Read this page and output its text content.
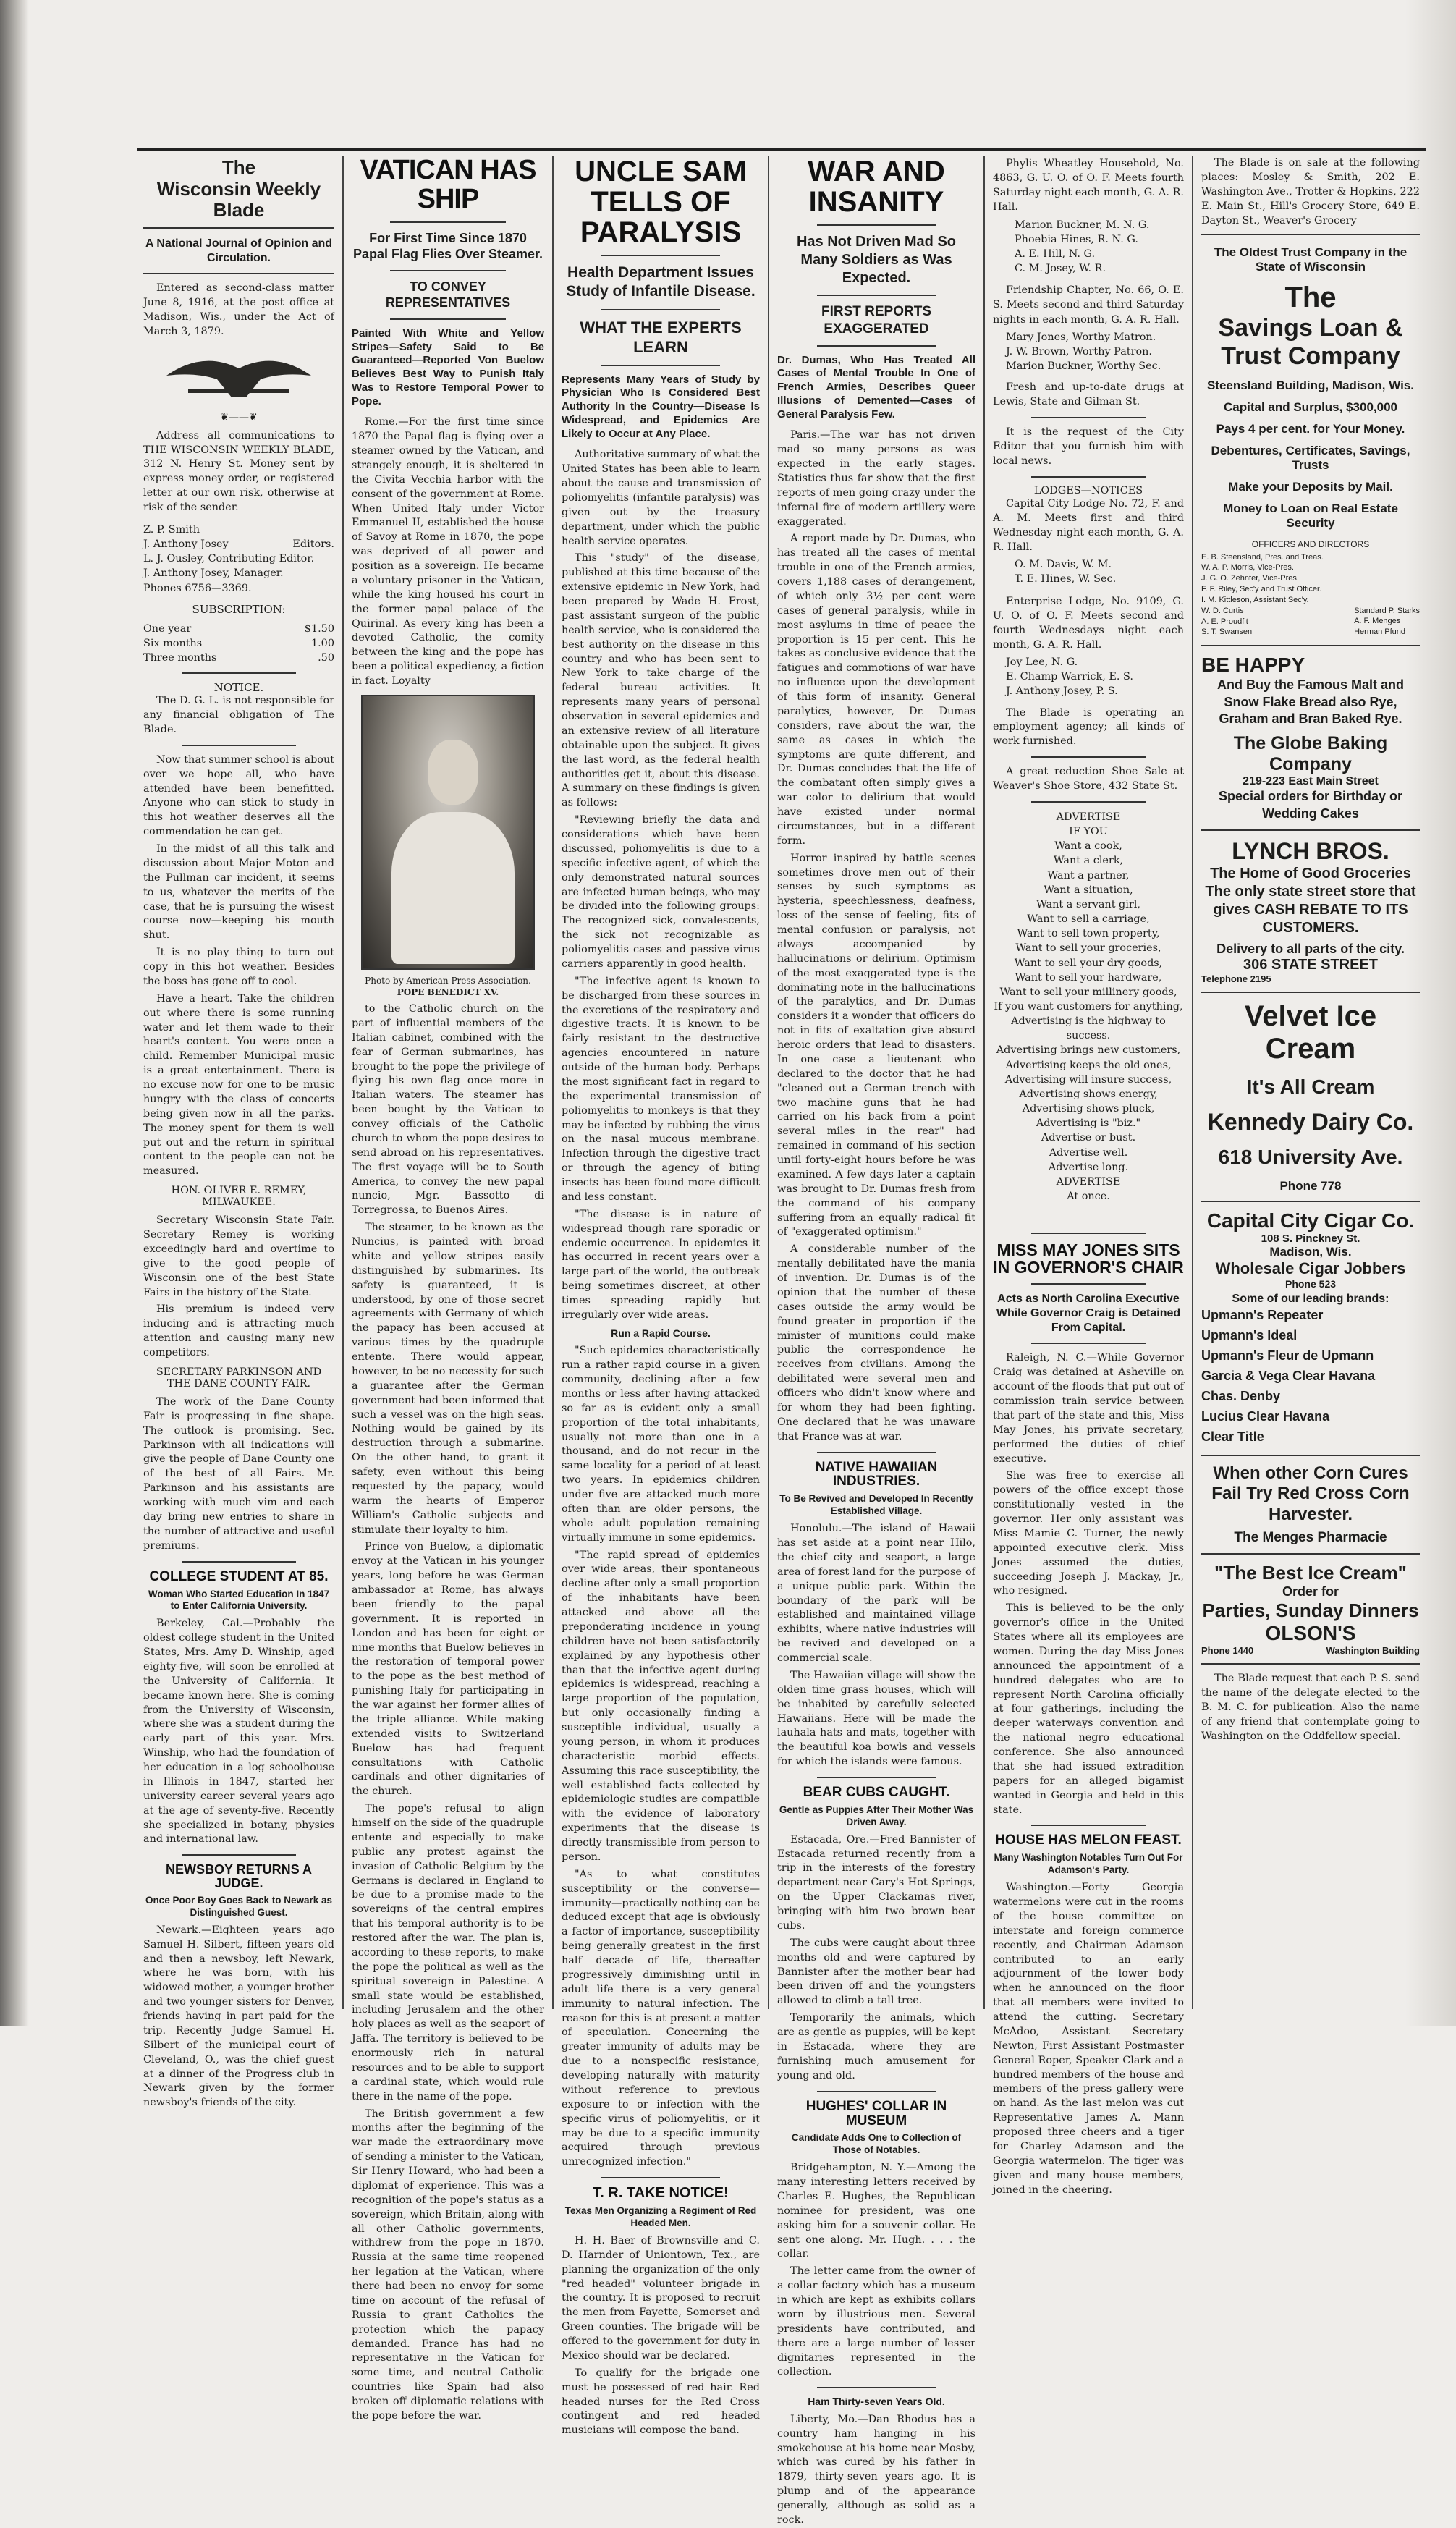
The
Wisconsin Weekly Blade
A National Journal of Opinion and Circulation.
Entered as second-class matter June 8, 1916, at the post office at Madison, Wis., under the Act of March 3, 1879.
❦——❦
Address all communications to THE WISCONSIN WEEKLY BLADE, 312 N. Henry St. Money sent by express money order, or registered letter at our own risk, otherwise at risk of the sender.
Z. P. Smith
J. Anthony Josey	Editors.
L. J. Ousley, Contributing Editor.
J. Anthony Josey, Manager.
Phones 6756—3369.
SUBSCRIPTION:
One year	$1.50
Six months	1.00
Three months	.50
NOTICE.
The D. G. L. is not responsible for any financial obligation of The Blade.
Now that summer school is about over we hope all, who have attended have been benefitted. Anyone who can stick to study in this hot weather deserves all the commendation he can get.
In the midst of all this talk and discussion about Major Moton and the Pullman car incident, it seems to us, whatever the merits of the case, that he is pursuing the wisest course now—keeping his mouth shut.
It is no play thing to turn out copy in this hot weather. Besides the boss has gone off to cool.
Have a heart. Take the children out where there is some running water and let them wade to their heart's content. You were once a child. Remember Municipal music is a great entertainment. There is no excuse now for one to be music hungry with the class of concerts being given now in all the parks. The money spent for them is well put out and the return in spiritual content to the people can not be measured.
HON. OLIVER E. REMEY, MILWAUKEE.
Secretary Wisconsin State Fair. Secretary Remey is working exceedingly hard and overtime to give to the good people of Wisconsin one of the best State Fairs in the history of the State.
His premium is indeed very inducing and is attracting much attention and causing many new competitors.
SECRETARY PARKINSON AND THE DANE COUNTY FAIR.
The work of the Dane County Fair is progressing in fine shape. The outlook is promising. Sec. Parkinson with all indications will give the people of Dane County one of the best of all Fairs. Mr. Parkinson and his assistants are working with much vim and each day bring new entries to share in the number of attractive and useful premiums.
COLLEGE STUDENT AT 85.
Woman Who Started Education In 1847 to Enter California University.
Berkeley, Cal.—Probably the oldest college student in the United States, Mrs. Amy D. Winship, aged eighty-five, will soon be enrolled at the University of California. It became known here. She is coming from the University of Wisconsin, where she was a student during the early part of this year. Mrs. Winship, who had the foundation of her education in a log schoolhouse in Illinois in 1847, started her university career several years ago at the age of seventy-five. Recently she specialized in botany, physics and international law.
NEWSBOY RETURNS A JUDGE.
Once Poor Boy Goes Back to Newark as Distinguished Guest.
Newark.—Eighteen years ago Samuel H. Silbert, fifteen years old and then a newsboy, left Newark, where he was born, with his widowed mother, a younger brother and two younger sisters for Denver, friends having in part paid for the trip. Recently Judge Samuel H. Silbert of the municipal court of Cleveland, O., was the chief guest at a dinner of the Progress club in Newark given by the former newsboy's friends of the city.
VATICAN HAS SHIP
For First Time Since 1870 Papal Flag Flies Over Steamer.
TO CONVEY REPRESENTATIVES
Painted With White and Yellow Stripes—Safety Said to Be Guaranteed—Reported Von Buelow Believes Best Way to Punish Italy Was to Restore Temporal Power to Pope.
Rome.—For the first time since 1870 the Papal flag is flying over a steamer owned by the Vatican, and strangely enough, it is sheltered in the Civita Vecchia harbor with the consent of the government at Rome. When United Italy under Victor Emmanuel II, established the house of Savoy at Rome in 1870, the pope was deprived of all power and position as a sovereign. He became a voluntary prisoner in the Vatican, while the king housed his court in the former papal palace of the Quirinal. As every king has been a devoted Catholic, the comity between the king and the pope has been a political expediency, a fiction in fact. Loyalty
Photo by American Press Association.
POPE BENEDICT XV.
to the Catholic church on the part of influential members of the Italian cabinet, combined with the fear of German submarines, has brought to the pope the privilege of flying his own flag once more in Italian waters. The steamer has been bought by the Vatican to convey officials of the Catholic church to whom the pope desires to send abroad on his representatives. The first voyage will be to South America, to convey the new papal nuncio, Mgr. Bassotto di Torregrossa, to Buenos Aires.
The steamer, to be known as the Nuncius, is painted with broad white and yellow stripes easily distinguished by submarines. Its safety is guaranteed, it is understood, by one of those secret agreements with Germany of which the papacy has been accused at various times by the quadruple entente. There would appear, however, to be no necessity for such a guarantee after the German government had been informed that such a vessel was on the high seas. Nothing would be gained by its destruction through a submarine. On the other hand, to grant it safety, even without this being requested by the papacy, would warm the hearts of Emperor William's Catholic subjects and stimulate their loyalty to him.
Prince von Buelow, a diplomatic envoy at the Vatican in his younger years, long before he was German ambassador at Rome, has always been friendly to the papal government. It is reported in London and has been for eight or nine months that Buelow believes in the restoration of temporal power to the pope as the best method of punishing Italy for participating in the war against her former allies of the triple alliance. While making extended visits to Switzerland Buelow has had frequent consultations with Catholic cardinals and other dignitaries of the church.
The pope's refusal to align himself on the side of the quadruple entente and especially to make public any protest against the invasion of Catholic Belgium by the Germans is declared in England to be due to a promise made to the sovereigns of the central empires that his temporal authority is to be restored after the war. The plan is, according to these reports, to make the pope the political as well as the spiritual sovereign in Palestine. A small state would be established, including Jerusalem and the other holy places as well as the seaport of Jaffa. The territory is believed to be enormously rich in natural resources and to be able to support a cardinal state, which would rule there in the name of the pope.
The British government a few months after the beginning of the war made the extraordinary move of sending a minister to the Vatican, Sir Henry Howard, who had been a diplomat of experience. This was a recognition of the pope's status as a sovereign, which Britain, along with all other Catholic governments, withdrew from the pope in 1870. Russia at the same time reopened her legation at the Vatican, where there had been no envoy for some time on account of the refusal of Russia to grant Catholics the protection which the papacy demanded. France has had no representative in the Vatican for some time, and neutral Catholic countries like Spain had also broken off diplomatic relations with the pope before the war.
UNCLE SAM TELLS OF PARALYSIS
Health Department Issues Study of Infantile Disease.
WHAT THE EXPERTS LEARN
Represents Many Years of Study by Physician Who Is Considered Best Authority In the Country—Disease Is Widespread, and Epidemics Are Likely to Occur at Any Place.
Authoritative summary of what the United States has been able to learn about the cause and transmission of poliomyelitis (infantile paralysis) was given out by the treasury department, under which the public health service operates.
This "study" of the disease, published at this time because of the extensive epidemic in New York, had been prepared by Wade H. Frost, past assistant surgeon of the public health service, who is considered the best authority on the disease in this country and who has been sent to New York to take charge of the federal bureau activities. It represents many years of personal observation in several epidemics and an extensive review of all literature obtainable upon the subject. It gives the last word, as the federal health authorities get it, about this disease. A summary on these findings is given as follows:
"Reviewing briefly the data and considerations which have been discussed, poliomyelitis is due to a specific infective agent, of which the only demonstrated natural sources are infected human beings, who may be divided into the following groups: The recognized sick, convalescents, the sick not recognizable as poliomyelitis cases and passive virus carriers apparently in good health.
"The infective agent is known to be discharged from these sources in the excretions of the respiratory and digestive tracts. It is known to be fairly resistant to the destructive agencies encountered in nature outside of the human body. Perhaps the most significant fact in regard to the experimental transmission of poliomyelitis to monkeys is that they may be infected by rubbing the virus on the nasal mucous membrane. Infection through the digestive tract or through the agency of biting insects has been found more difficult and less constant.
"The disease is in nature of widespread though rare sporadic or endemic occurrence. In epidemics it has occurred in recent years over a large part of the world, the outbreak being sometimes discreet, at other times spreading rapidly but irregularly over wide areas.
Run a Rapid Course.
"Such epidemics characteristically run a rather rapid course in a given community, declining after a few months or less after having attacked so far as is evident only a small proportion of the total inhabitants, usually not more than one in a thousand, and do not recur in the same locality for a period of at least two years. In epidemics children under five are attacked much more often than are older persons, the whole adult population remaining virtually immune in some epidemics.
"The rapid spread of epidemics over wide areas, their spontaneous decline after only a small proportion of the inhabitants have been attacked and above all the preponderating incidence in young children have not been satisfactorily explained by any hypothesis other than that the infective agent during epidemics is widespread, reaching a large proportion of the population, but only occasionally finding a susceptible individual, usually a young person, in whom it produces characteristic morbid effects. Assuming this race susceptibility, the well established facts collected by epidemiologic studies are compatible with the evidence of laboratory experiments that the disease is directly transmissible from person to person.
"As to what constitutes susceptibility or the converse—immunity—practically nothing can be deduced except that age is obviously a factor of importance, susceptibility being generally greatest in the first half decade of life, thereafter progressively diminishing until in adult life there is a very general immunity to natural infection. The reason for this is at present a matter of speculation. Concerning the greater immunity of adults may be due to a nonspecific resistance, developing naturally with maturity without reference to previous exposure to or infection with the specific virus of poliomyelitis, or it may be due to a specific immunity acquired through previous unrecognized infection."
T. R. TAKE NOTICE!
Texas Men Organizing a Regiment of Red Headed Men.
H. H. Baer of Brownsville and C. D. Harnder of Uniontown, Tex., are planning the organization of the only "red headed" volunteer brigade in the country. It is proposed to recruit the men from Fayette, Somerset and Green counties. The brigade will be offered to the government for duty in Mexico should war be declared.
To qualify for the brigade one must be possessed of red hair. Red headed nurses for the Red Cross contingent and red headed musicians will compose the band.
WAR AND INSANITY
Has Not Driven Mad So Many Soldiers as Was Expected.
FIRST REPORTS EXAGGERATED
Dr. Dumas, Who Has Treated All Cases of Mental Trouble In One of French Armies, Describes Queer Illusions of Demented—Cases of General Paralysis Few.
Paris.—The war has not driven mad so many persons as was expected in the early stages. Statistics thus far show that the first reports of men going crazy under the infernal fire of modern artillery were exaggerated.
A report made by Dr. Dumas, who has treated all the cases of mental trouble in one of the French armies, covers 1,188 cases of derangement, of which only 3½ per cent were cases of general paralysis, while in most asylums in time of peace the proportion is 15 per cent. This he takes as conclusive evidence that the fatigues and commotions of war have no influence upon the development of this form of insanity. General paralytics, however, Dr. Dumas considers, rave about the war, the same as cases in which the symptoms are quite different, and Dr. Dumas concludes that the life of the combatant often simply gives a war color to delirium that would have existed under normal circumstances, but in a different form.
Horror inspired by battle scenes sometimes drove men out of their senses by such symptoms as hysteria, speechlessness, deafness, loss of the sense of feeling, fits of mental confusion or paralysis, not always accompanied by hallucinations or delirium. Optimism of the most exaggerated type is the dominating note in the hallucinations of the paralytics, and Dr. Dumas considers it a wonder that officers do not in fits of exaltation give absurd heroic orders that lead to disasters. In one case a lieutenant who declared to the doctor that he had "cleaned out a German trench with two machine guns that he had carried on his back from a point several miles in the rear" had remained in command of his section until forty-eight hours before he was examined. A few days later a captain was brought to Dr. Dumas fresh from the command of his company suffering from an equally radical fit of "exaggerated optimism."
A considerable number of the mentally debilitated have the mania of invention. Dr. Dumas is of the opinion that the number of these cases outside the army would be found greater in proportion if the minister of munitions could make public the correspondence he receives from civilians. Among the debilitated were several men and officers who didn't know where and for whom they had been fighting. One declared that he was unaware that France was at war.
NATIVE HAWAIIAN INDUSTRIES.
To Be Revived and Developed In Recently Established Village.
Honolulu.—The island of Hawaii has set aside at a point near Hilo, the chief city and seaport, a large area of forest land for the purpose of a unique public park. Within the boundary of the park will be established and maintained village exhibits, where native industries will be revived and developed on a commercial scale.
The Hawaiian village will show the olden time grass houses, which will be inhabited by carefully selected Hawaiians. Here will be made the lauhala hats and mats, together with the beautiful koa bowls and vessels for which the islands were famous.
BEAR CUBS CAUGHT.
Gentle as Puppies After Their Mother Was Driven Away.
Estacada, Ore.—Fred Bannister of Estacada returned recently from a trip in the interests of the forestry department near Cary's Hot Springs, on the Upper Clackamas river, bringing with him two brown bear cubs.
The cubs were caught about three months old and were captured by Bannister after the mother bear had been driven off and the youngsters allowed to climb a tall tree.
Temporarily the animals, which are as gentle as puppies, will be kept in Estacada, where they are furnishing much amusement for young and old.
HUGHES' COLLAR IN MUSEUM
Candidate Adds One to Collection of Those of Notables.
Bridgehampton, N. Y.—Among the many interesting letters received by Charles E. Hughes, the Republican nominee for president, was one asking him for a souvenir collar. He sent one along. Mr. Hugh. . . . the collar.
The letter came from the owner of a collar factory which has a museum in which are kept as exhibits collars worn by illustrious men. Several presidents have contributed, and there are a large number of lesser dignitaries represented in the collection.
Ham Thirty-seven Years Old.
Liberty, Mo.—Dan Rhodus has a country ham hanging in his smokehouse at his home near Mosby, which was cured by his father in 1879, thirty-seven years ago. It is plump and of the appearance generally, although as solid as a rock.
Phylis Wheatley Household, No. 4863, G. U. O. of O. F. Meets fourth Saturday night each month, G. A. R. Hall.
Marion Buckner, M. N. G.
Phoebia Hines, R. N. G.
A. E. Hill, N. G.
C. M. Josey, W. R.
Friendship Chapter, No. 66, O. E. S. Meets second and third Saturday nights in each month, G. A. R. Hall.
Mary Jones, Worthy Matron.
J. W. Brown, Worthy Patron.
Marion Buckner, Worthy Sec.
Fresh and up-to-date drugs at Lewis, State and Gilman St.
It is the request of the City Editor that you furnish him with local news.
LODGES—NOTICES
Capital City Lodge No. 72, F. and A. M. Meets first and third Wednesday night each month, G. A. R. Hall.
O. M. Davis, W. M.
T. E. Hines, W. Sec.
Enterprise Lodge, No. 9109, G. U. O. of O. F. Meets second and fourth Wednesdays night each month, G. A. R. Hall.
Joy Lee, N. G.
E. Champ Warrick, E. S.
J. Anthony Josey, P. S.
The Blade is operating an employment agency; all kinds of work furnished.
A great reduction Shoe Sale at Weaver's Shoe Store, 432 State St.
ADVERTISE
IF YOU
Want a cook,
Want a clerk,
Want a partner,
Want a situation,
Want a servant girl,
Want to sell a carriage,
Want to sell town property,
Want to sell your groceries,
Want to sell your dry goods,
Want to sell your hardware,
Want to sell your millinery goods,
If you want customers for anything,
Advertising is the highway to success.
Advertising brings new customers,
Advertising keeps the old ones,
Advertising will insure success,
Advertising shows energy,
Advertising shows pluck,
Advertising is "biz."
Advertise or bust.
Advertise well.
Advertise long.
ADVERTISE
At once.
MISS MAY JONES SITS IN GOVERNOR'S CHAIR
Acts as North Carolina Executive While Governor Craig is Detained From Capital.
Raleigh, N. C.—While Governor Craig was detained at Asheville on account of the floods that put out of commission train service between that part of the state and this, Miss May Jones, his private secretary, performed the duties of chief executive.
She was free to exercise all powers of the office except those constitutionally vested in the governor. Her only assistant was Miss Mamie C. Turner, the newly appointed executive clerk. Miss Jones assumed the duties, succeeding Joseph J. Mackay, Jr., who resigned.
This is believed to be the only governor's office in the United States where all its employees are women. During the day Miss Jones announced the appointment of a hundred delegates who are to represent North Carolina officially at four gatherings, including the deeper waterways convention and the national negro educational conference. She also announced that she had issued extradition papers for an alleged bigamist wanted in Georgia and held in this state.
HOUSE HAS MELON FEAST.
Many Washington Notables Turn Out For Adamson's Party.
Washington.—Forty Georgia watermelons were cut in the rooms of the house committee on interstate and foreign commerce recently, and Chairman Adamson contributed to an early adjournment of the lower body when he announced on the floor that all members were invited to attend the cutting. Secretary McAdoo, Assistant Secretary Newton, First Assistant Postmaster General Roper, Speaker Clark and a hundred members of the house and members of the press gallery were on hand. As the last melon was cut Representative James A. Mann proposed three cheers and a tiger for Charley Adamson and the Georgia watermelon. The tiger was given and many house members, joined in the cheering.
The Blade is on sale at the following places: Mosley & Smith, 202 E. Washington Ave., Trotter & Hopkins, 222 E. Main St., Hill's Grocery Store, 649 E. Dayton St., Weaver's Grocery
The Oldest Trust Company in the State of Wisconsin
The
Savings Loan & Trust Company
Steensland Building, Madison, Wis.
Capital and Surplus, $300,000
Pays 4 per cent. for Your Money.
Debentures, Certificates, Savings, Trusts
Make your Deposits by Mail.
Money to Loan on Real Estate Security
OFFICERS AND DIRECTORS
E. B. Steensland, Pres. and Treas.
W. A. P. Morris, Vice-Pres.
J. G. O. Zehnter, Vice-Pres.
F. F. Riley, Sec'y and Trust Officer.
I. M. Kittleson, Assistant Sec'y.
W. D. Curtis
A. E. Proudfit
S. T. Swansen
Standard P. Starks
A. F. Menges
Herman Pfund
BE HAPPY
And Buy the Famous Malt and Snow Flake Bread also Rye, Graham and Bran Baked Rye.
The Globe Baking Company
219-223 East Main Street
Special orders for Birthday or Wedding Cakes
LYNCH BROS.
The Home of Good Groceries The only state street store that gives CASH REBATE TO ITS CUSTOMERS.
Delivery to all parts of the city.
306 STATE STREET
Telephone 2195
Velvet Ice Cream
It's All Cream
Kennedy Dairy Co.
618 University Ave.
Phone 778
Capital City Cigar Co.
108 S. Pinckney St.
Madison, Wis.
Wholesale Cigar Jobbers
Phone 523
Some of our leading brands:
Upmann's Repeater
Upmann's Ideal
Upmann's Fleur de Upmann
Garcia & Vega Clear Havana
Chas. Denby
Lucius Clear Havana
Clear Title
When other Corn Cures Fail Try Red Cross Corn Harvester.
The Menges Pharmacie
"The Best Ice Cream"
Order for
Parties, Sunday Dinners
OLSON'S
Phone 1440	Washington Building
The Blade request that each P. S. send the name of the delegate elected to the B. M. C. for publication. Also the name of any friend that contemplate going to Washington on the Oddfellow special.
